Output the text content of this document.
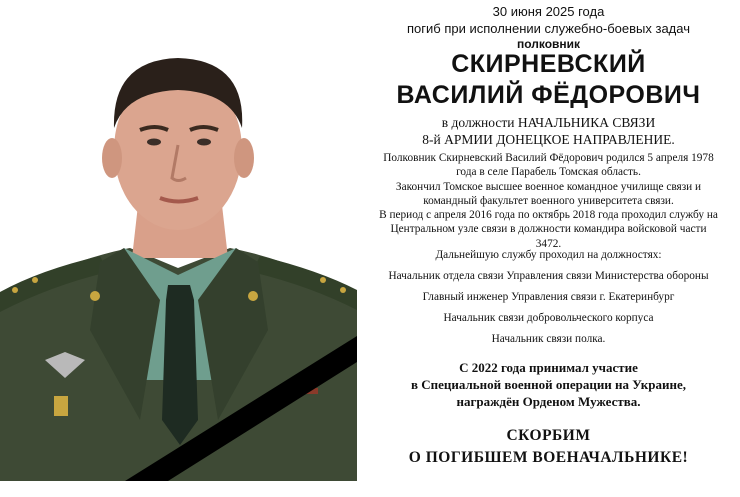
30 июня 2025 года
погиб при исполнении служебно-боевых задач
полковник
СКИРНЕВСКИЙ
ВАСИЛИЙ ФЁДОРОВИЧ
в должности НАЧАЛЬНИКА СВЯЗИ
8-й АРМИИ ДОНЕЦКОЕ НАПРАВЛЕНИЕ.

Полковник Скирневский Василий Фёдорович родился 5 апреля 1978 года в селе Парабель Томская область.

Закончил Томское высшее военное командное училище связи и командный факультет военного университета связи.

В период с апреля 2016 года по октябрь 2018 года проходил службу на Центральном узле связи в должности командира войсковой части 3472.

Дальнейшую службу проходил на должностях:

Начальник отдела связи Управления связи Министерства обороны

Главный инженер Управления связи г. Екатеринбург

Начальник связи добровольческого корпуса

Начальник связи полка.

С 2022 года принимал участие
в Специальной военной операции на Украине,
награждён Орденом Мужества.
СКОРБИМ
О ПОГИБШЕМ ВОЕНАЧАЛЬНИКЕ!
